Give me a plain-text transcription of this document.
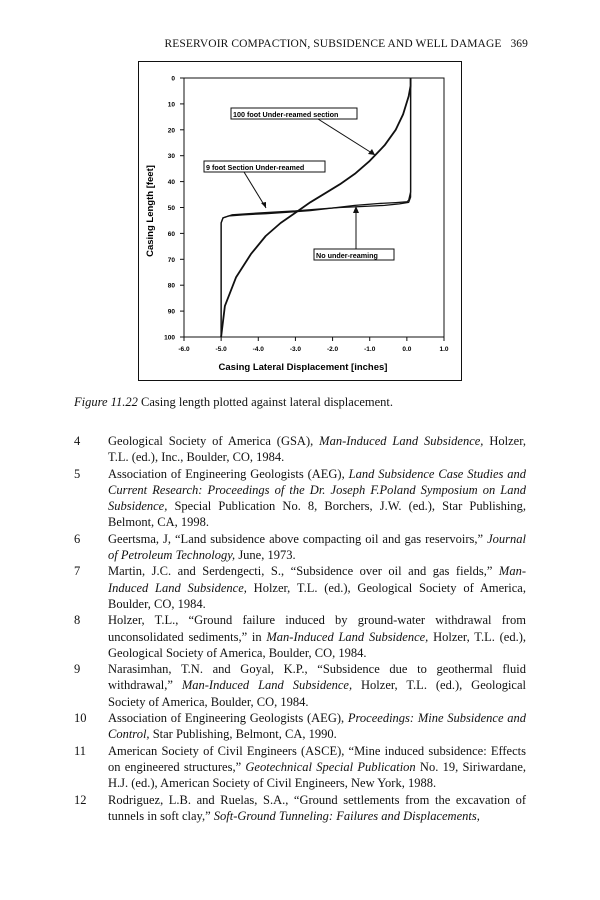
RESERVOIR COMPACTION, SUBSIDENCE AND WELL DAMAGE 369
0
10
20
30
40
50
60
70
80
90
100
-6.0	-5.0	-4.0	-3.0	-2.0	-1.0	0.0	1.0
Casing Lateral Displacement [inches]
Casing Length [feet]
100 foot Under-reamed section
9 foot Section Under-reamed
No under-reaming
Figure 11.22 Casing length plotted against lateral displacement.
4	Geological Society of America (GSA), Man-Induced Land Subsidence, Holzer, T.L. (ed.), Inc., Boulder, CO, 1984.
5	Association of Engineering Geologists (AEG), Land Subsidence Case Studies and Current Research: Proceedings of the Dr. Joseph F.Poland Symposium on Land Subsidence, Special Publication No. 8, Borchers, J.W. (ed.), Star Publishing, Belmont, CA, 1998.
6	Geertsma, J, “Land subsidence above compacting oil and gas reservoirs,” Journal of Petroleum Technology, June, 1973.
7	Martin, J.C. and Serdengecti, S., “Subsidence over oil and gas fields,” Man-Induced Land Subsidence, Holzer, T.L. (ed.), Geological Society of America, Boulder, CO, 1984.
8	Holzer, T.L., “Ground failure induced by ground-water withdrawal from unconsolidated sediments,” in Man-Induced Land Subsidence, Holzer, T.L. (ed.), Geological Society of America, Boulder, CO, 1984.
9	Narasimhan, T.N. and Goyal, K.P., “Subsidence due to geothermal fluid withdrawal,” Man-Induced Land Subsidence, Holzer, T.L. (ed.), Geological Society of America, Boulder, CO, 1984.
10	Association of Engineering Geologists (AEG), Proceedings: Mine Subsidence and Control, Star Publishing, Belmont, CA, 1990.
11	American Society of Civil Engineers (ASCE), “Mine induced subsidence: Effects on engineered structures,” Geotechnical Special Publication No. 19, Siriwardane, H.J. (ed.), American Society of Civil Engineers, New York, 1988.
12	Rodriguez, L.B. and Ruelas, S.A., “Ground settlements from the excavation of tunnels in soft clay,” Soft-Ground Tunneling: Failures and Displacements,
